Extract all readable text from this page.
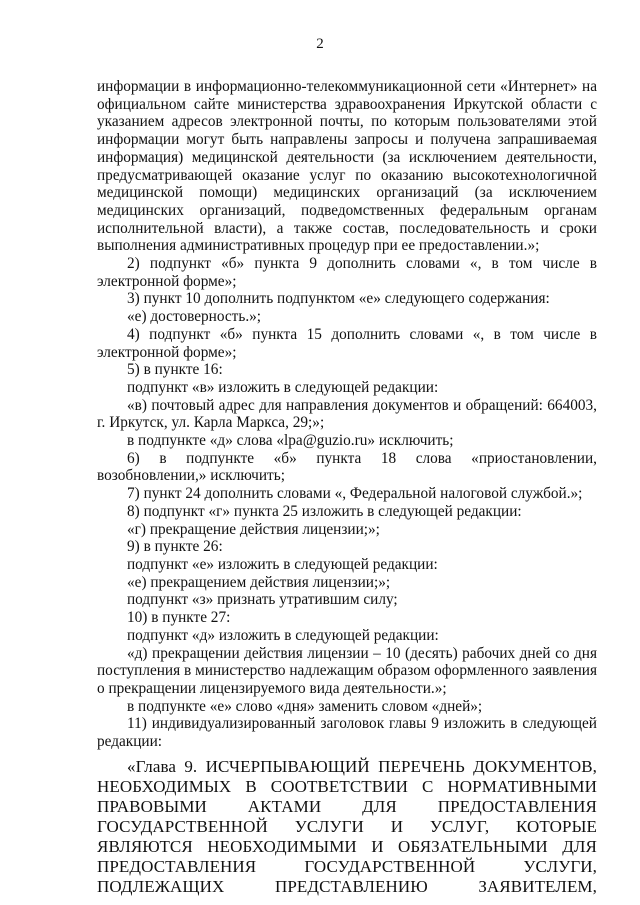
2

информации в информационно-телекоммуникационной сети «Интернет» на официальном сайте министерства здравоохранения Иркутской области с указанием адресов электронной почты, по которым пользователями этой информации могут быть направлены запросы и получена запрашиваемая информация) медицинской деятельности (за исключением деятельности, предусматривающей оказание услуг по оказанию высокотехнологичной медицинской помощи) медицинских организаций (за исключением медицинских организаций, подведомственных федеральным органам исполнительной власти), а также состав, последовательность и сроки выполнения административных процедур при ее предоставлении.»;

2) подпункт «б» пункта 9 дополнить словами «, в том числе в электронной форме»;

3) пункт 10 дополнить подпунктом «е» следующего содержания:

«е) достоверность.»;

4) подпункт «б» пункта 15 дополнить словами «, в том числе в электронной форме»;

5) в пункте 16:

подпункт «в» изложить в следующей редакции:

«в) почтовый адрес для направления документов и обращений: 664003, г. Иркутск, ул. Карла Маркса, 29;»;

в подпункте «д» слова «lpa@guzio.ru» исключить;

6) в подпункте «б» пункта 18 слова «приостановлении, возобновлении,» исключить;

7) пункт 24 дополнить словами «, Федеральной налоговой службой.»;

8) подпункт «г» пункта 25 изложить в следующей редакции:

«г) прекращение действия лицензии;»;

9) в пункте 26:

подпункт «е» изложить в следующей редакции:

«е) прекращением действия лицензии;»;

подпункт «з» признать утратившим силу;

10) в пункте 27:

подпункт «д» изложить в следующей редакции:

«д) прекращении действия лицензии – 10 (десять) рабочих дней со дня поступления в министерство надлежащим образом оформленного заявления о прекращении лицензируемого вида деятельности.»;

в подпункте «е» слово «дня» заменить словом «дней»;

11) индивидуализированный заголовок главы 9 изложить в следующей редакции:

«Глава 9. ИСЧЕРПЫВАЮЩИЙ ПЕРЕЧЕНЬ ДОКУМЕНТОВ, НЕОБХОДИМЫХ В СООТВЕТСТВИИ С НОРМАТИВНЫМИ ПРАВОВЫМИ АКТАМИ ДЛЯ ПРЕДОСТАВЛЕНИЯ ГОСУДАРСТВЕННОЙ УСЛУГИ И УСЛУГ, КОТОРЫЕ ЯВЛЯЮТСЯ НЕОБХОДИМЫМИ И ОБЯЗАТЕЛЬНЫМИ ДЛЯ ПРЕДОСТАВЛЕНИЯ ГОСУДАРСТВЕННОЙ УСЛУГИ, ПОДЛЕЖАЩИХ ПРЕДСТАВЛЕНИЮ ЗАЯВИТЕЛЕМ,
